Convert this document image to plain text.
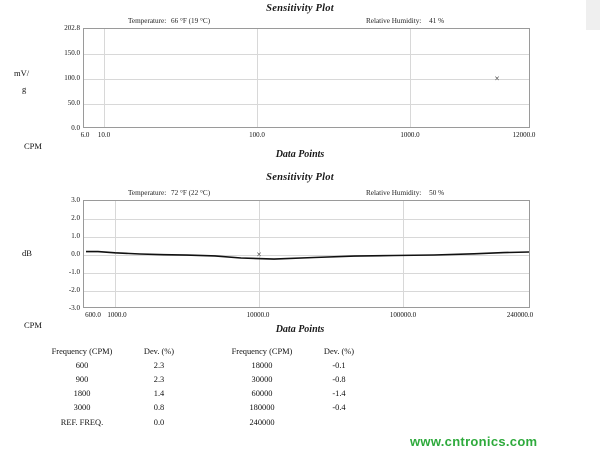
Sensitivity Plot
Temperature: 66 °F (19 °C)	Relative Humidity: 41 %
202.8
150.0
100.0
50.0
0.0
×
6.0 10.0	100.0	1000.0	12000.0
mV/
g
CPM
Data Points
Sensitivity Plot
Temperature: 72 °F (22 °C)	Relative Humidity: 50 %
3.0
2.0
1.0
0.0
-1.0
-2.0
-3.0
×
600.0 1000.0	10000.0	100000.0	240000.0
dB
CPM	Data Points
Frequency (CPM)	Dev. (%)		Frequency (CPM)	Dev. (%)
600	2.3		18000	-0.1
900	2.3		30000	-0.8
1800	1.4		60000	-1.4
3000	0.8		180000	-0.4
REF. FREQ.	0.0		240000	
www.cntronics.com
